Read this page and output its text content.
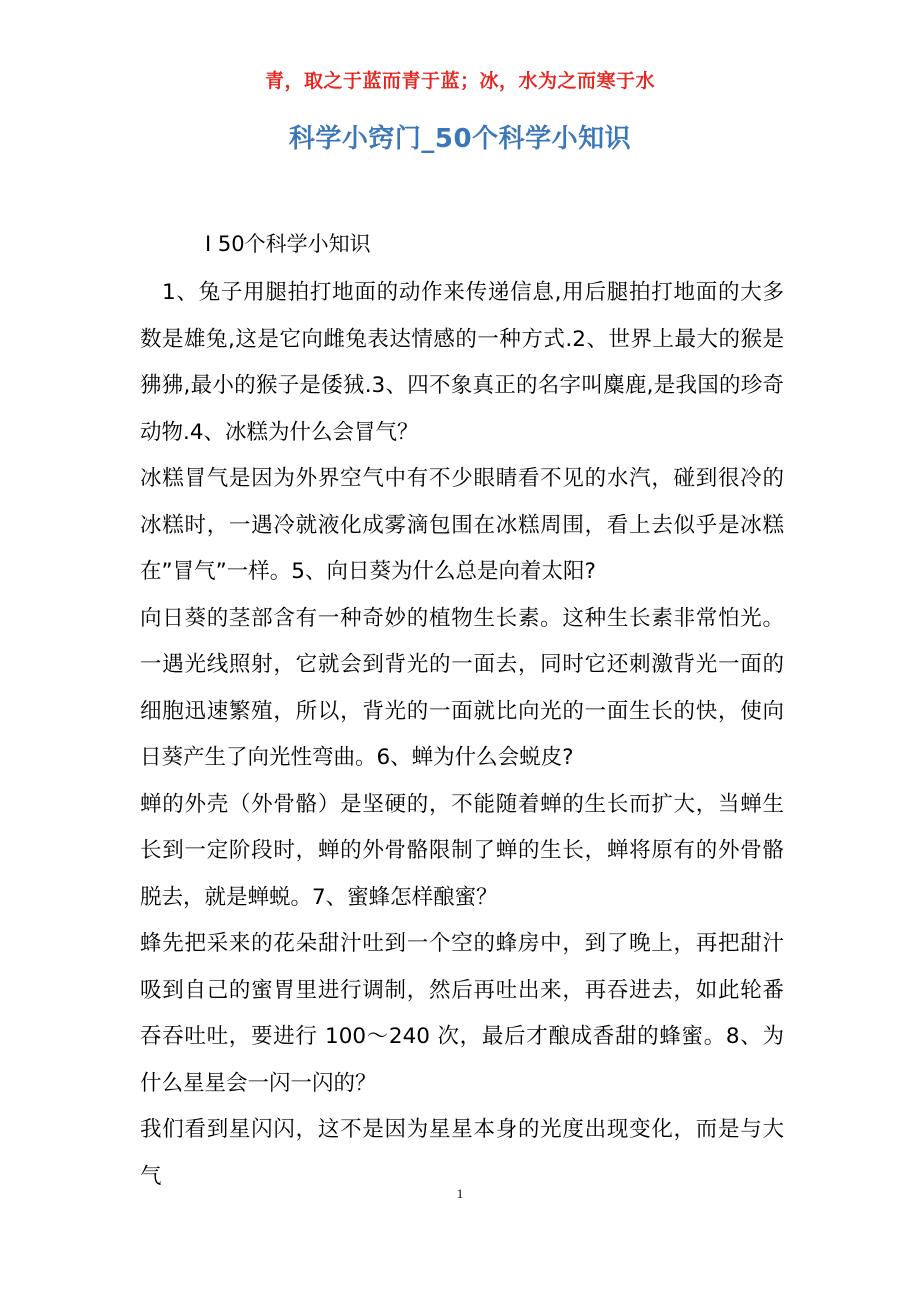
青，取之于蓝而青于蓝；冰，水为之而寒于水
科学小窍门_50个科学小知识
Ⅰ 50个科学小知识

1、兔子用腿拍打地面的动作来传递信息,用后腿拍打地面的大多数是雄兔,这是它向雌兔表达情感的一种方式.2、世界上最大的猴是狒狒,最小的猴子是倭狨.3、四不象真正的名字叫麋鹿,是我国的珍奇动物.4、冰糕为什么会冒气？

冰糕冒气是因为外界空气中有不少眼睛看不见的水汽，碰到很冷的冰糕时，一遇冷就液化成雾滴包围在冰糕周围，看上去似乎是冰糕在”冒气”一样。5、向日葵为什么总是向着太阳?

向日葵的茎部含有一种奇妙的植物生长素。这种生长素非常怕光。一遇光线照射，它就会到背光的一面去，同时它还刺激背光一面的细胞迅速繁殖，所以，背光的一面就比向光的一面生长的快，使向日葵产生了向光性弯曲。6、蝉为什么会蜕皮?

蝉的外壳（外骨骼）是坚硬的，不能随着蝉的生长而扩大，当蝉生长到一定阶段时，蝉的外骨骼限制了蝉的生长，蝉将原有的外骨骼脱去，就是蝉蜕。7、蜜蜂怎样酿蜜？

蜂先把采来的花朵甜汁吐到一个空的蜂房中，到了晚上，再把甜汁吸到自己的蜜胃里进行调制，然后再吐出来，再吞进去，如此轮番吞吞吐吐，要进行 100～240 次，最后才酿成香甜的蜂蜜。8、为什么星星会一闪一闪的？

我们看到星闪闪，这不是因为星星本身的光度出现变化，而是与大气

1
